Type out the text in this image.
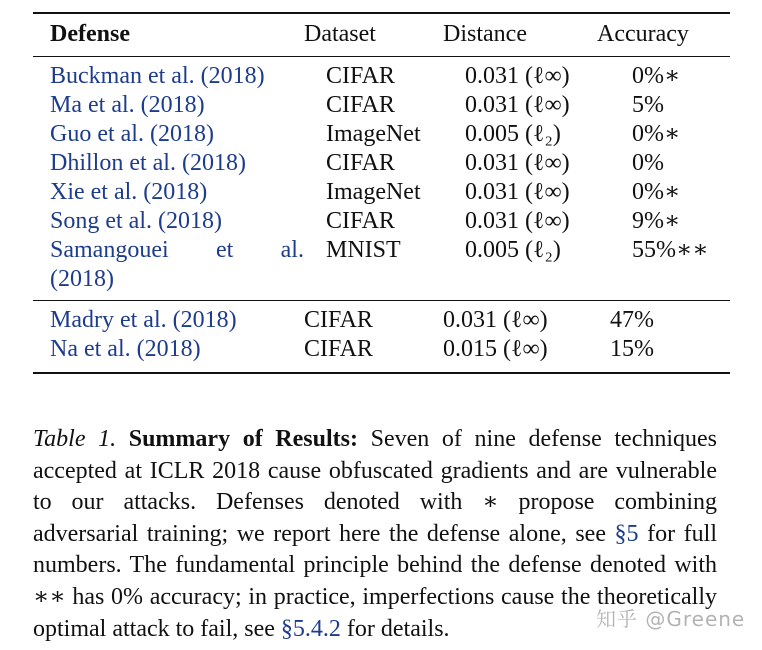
Defense	Dataset	Distance	Accuracy

Buckman et al. (2018)	CIFAR	0.031 (ℓ∞)	0%∗
Ma et al. (2018)	CIFAR	0.031 (ℓ∞)	5%
Guo et al. (2018)	ImageNet	0.005 (ℓ₂)	0%∗
Dhillon et al. (2018)	CIFAR	0.031 (ℓ∞)	0%
Xie et al. (2018)	ImageNet	0.031 (ℓ∞)	0%∗
Song et al. (2018)	CIFAR	0.031 (ℓ∞)	9%∗

Samangouei et al.
(2018)	MNIST	0.005 (ℓ₂)	55%∗∗

Madry et al. (2018)	CIFAR	0.031 (ℓ∞)	47%
Na et al. (2018)	CIFAR	0.015 (ℓ∞)	15%
Table 1. Summary of Results: Seven of nine defense techniques accepted at ICLR 2018 cause obfuscated gradients and are vulnerable to our attacks. Defenses denoted with ∗ propose combining adversarial training; we report here the defense alone, see §5 for full numbers. The fundamental principle behind the defense denoted with ∗∗ has 0% accuracy; in practice, imperfections cause the theoretically optimal attack to fail, see §5.4.2 for details.	知乎 @Greene
